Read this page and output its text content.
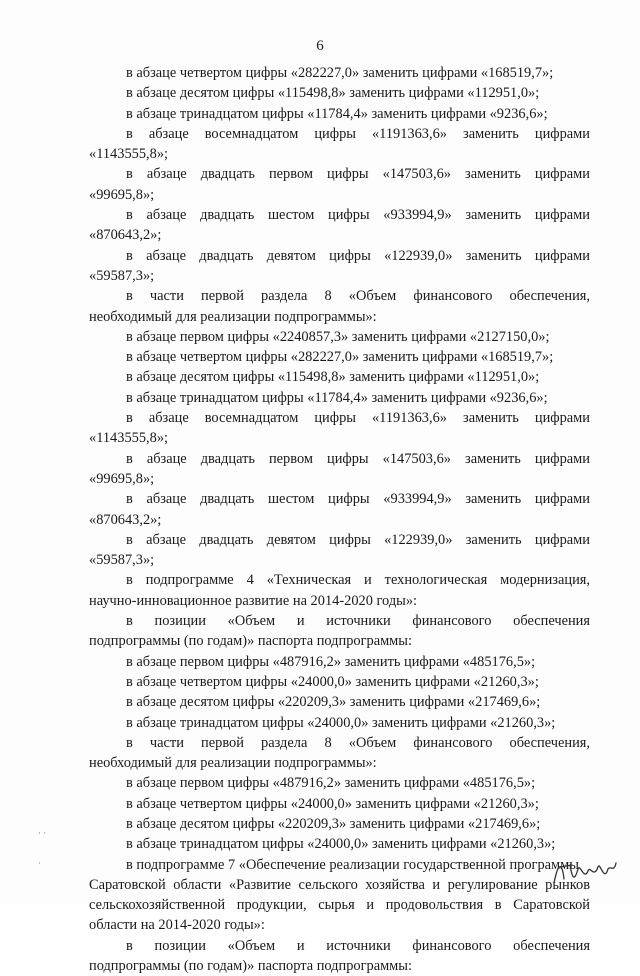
6
в абзаце четвертом цифры «282227,0» заменить цифрами «168519,7»;
в абзаце десятом цифры «115498,8» заменить цифрами «112951,0»;
в абзаце тринадцатом цифры «11784,4» заменить цифрами «9236,6»;
в абзаце восемнадцатом цифры «1191363,6» заменить цифрами
«1143555,8»;
в абзаце двадцать первом цифры «147503,6» заменить цифрами
«99695,8»;
в абзаце двадцать шестом цифры «933994,9» заменить цифрами
«870643,2»;
в абзаце двадцать девятом цифры «122939,0» заменить цифрами
«59587,3»;
в части первой раздела 8 «Объем финансового обеспечения,
необходимый для реализации подпрограммы»:
в абзаце первом цифры «2240857,3» заменить цифрами «2127150,0»;
в абзаце четвертом цифры «282227,0» заменить цифрами «168519,7»;
в абзаце десятом цифры «115498,8» заменить цифрами «112951,0»;
в абзаце тринадцатом цифры «11784,4» заменить цифрами «9236,6»;
в абзаце восемнадцатом цифры «1191363,6» заменить цифрами
«1143555,8»;
в абзаце двадцать первом цифры «147503,6» заменить цифрами
«99695,8»;
в абзаце двадцать шестом цифры «933994,9» заменить цифрами
«870643,2»;
в абзаце двадцать девятом цифры «122939,0» заменить цифрами
«59587,3»;
в подпрограмме 4 «Техническая и технологическая модернизация,
научно-инновационное развитие на 2014-2020 годы»:
в позиции «Объем и источники финансового обеспечения
подпрограммы (по годам)» паспорта подпрограммы:
в абзаце первом цифры «487916,2» заменить цифрами «485176,5»;
в абзаце четвертом цифры «24000,0» заменить цифрами «21260,3»;
в абзаце десятом цифры «220209,3» заменить цифрами «217469,6»;
в абзаце тринадцатом цифры «24000,0» заменить цифрами «21260,3»;
в части первой раздела 8 «Объем финансового обеспечения,
необходимый для реализации подпрограммы»:
в абзаце первом цифры «487916,2» заменить цифрами «485176,5»;
в абзаце четвертом цифры «24000,0» заменить цифрами «21260,3»;
в абзаце десятом цифры «220209,3» заменить цифрами «217469,6»;
в абзаце тринадцатом цифры «24000,0» заменить цифрами «21260,3»;
в подпрограмме 7 «Обеспечение реализации государственной программы
Саратовской области «Развитие сельского хозяйства и регулирование рынков
сельскохозяйственной продукции, сырья и продовольствия в Саратовской
области на 2014-2020 годы»:
в позиции «Объем и источники финансового обеспечения
подпрограммы (по годам)» паспорта подпрограммы:
· ·
·
